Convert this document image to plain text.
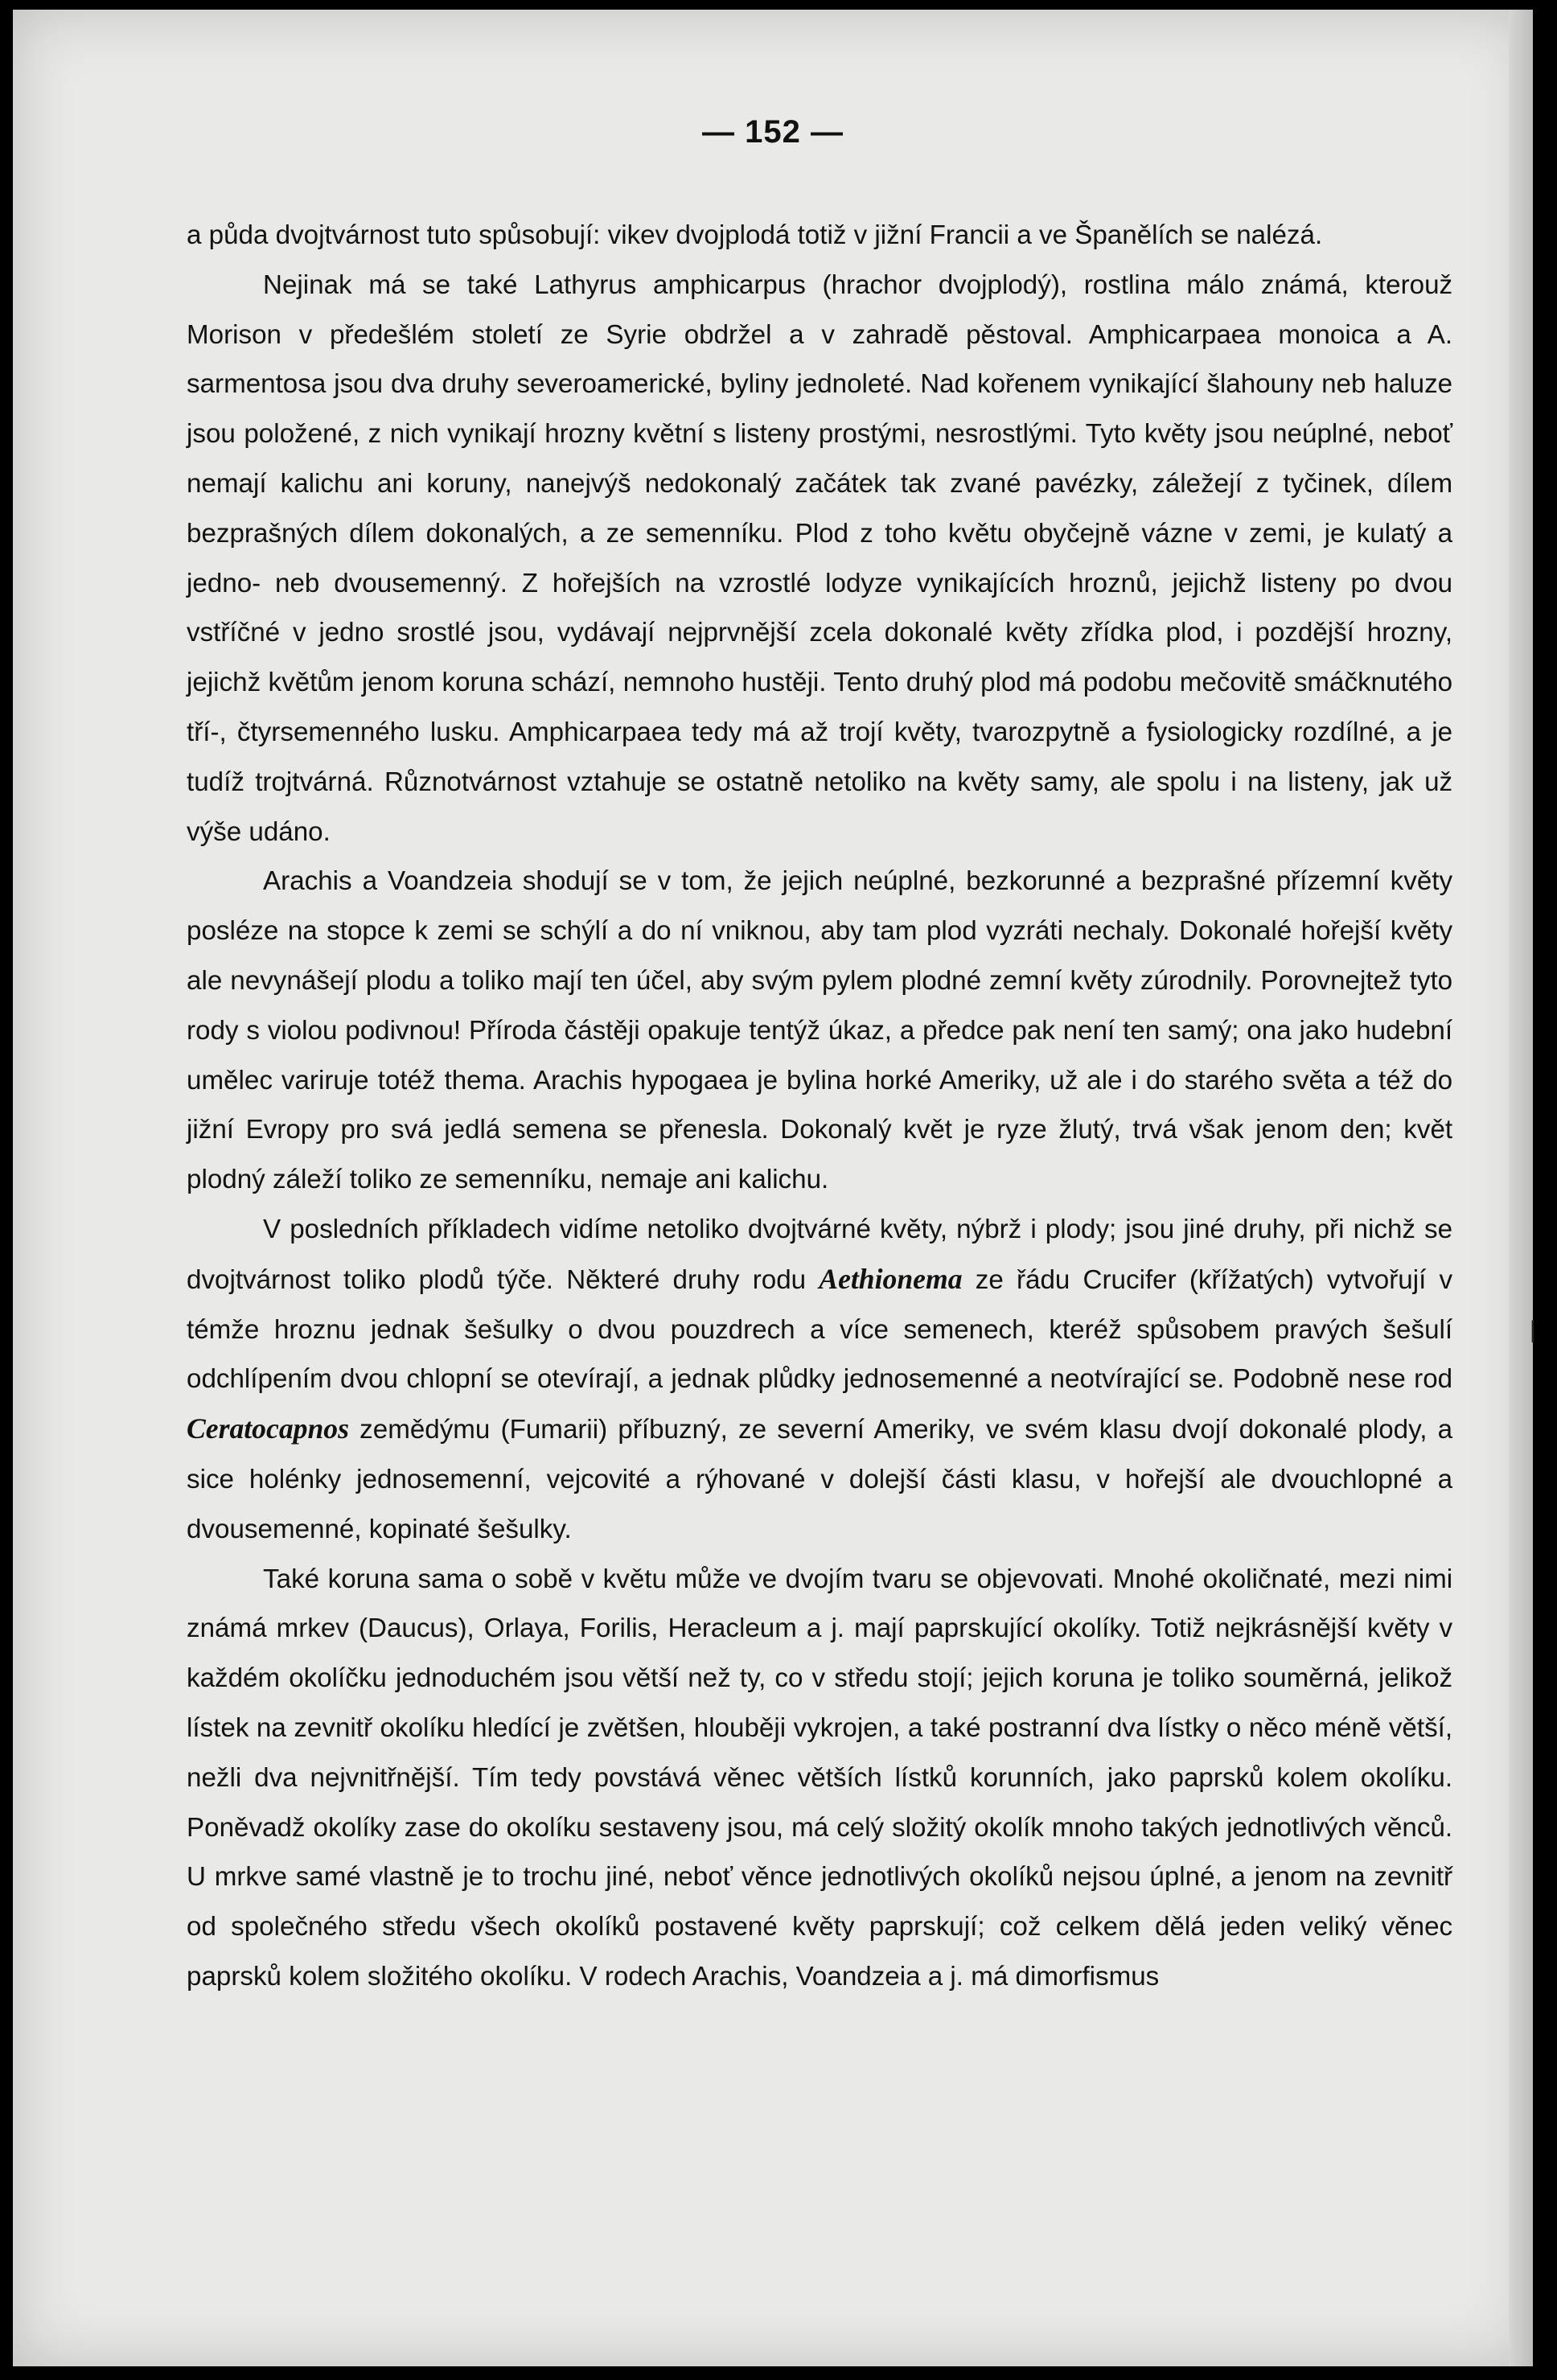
— 152 —

a půda dvojtvárnost tuto spůsobují: vikev dvojplodá totiž v jižní Francii a ve Španělích se nalézá.

Nejinak má se také Lathyrus amphicarpus (hrachor dvojplodý), rostlina málo známá, kterouž Morison v předešlém století ze Syrie obdržel a v zahradě pěstoval. Amphicarpaea monoica a A. sarmentosa jsou dva druhy severoamerické, byliny jednoleté. Nad kořenem vynikající šlahouny neb haluze jsou položené, z nich vynikají hrozny květní s listeny prostými, nesrostlými. Tyto květy jsou neúplné, neboť nemají kalichu ani koruny, nanejvýš nedokonalý začátek tak zvané pavézky, záležejí z tyčinek, dílem bezprašných dílem dokonalých, a ze semenníku. Plod z toho květu obyčejně vázne v zemi, je kulatý a jedno- neb dvousemenný. Z hořejších na vzrostlé lodyze vynikajících hroznů, jejichž listeny po dvou vstříčné v jedno srostlé jsou, vydávají nejprvnější zcela dokonalé květy zřídka plod, i pozdější hrozny, jejichž květům jenom koruna schází, nemnoho hustěji. Tento druhý plod má podobu mečovitě smáčknutého tří-, čtyrsemenného lusku. Amphicarpaea tedy má až trojí květy, tvarozpytně a fysiologicky rozdílné, a je tudíž trojtvárná. Různotvárnost vztahuje se ostatně netoliko na květy samy, ale spolu i na listeny, jak už výše udáno.

Arachis a Voandzeia shodují se v tom, že jejich neúplné, bezkorunné a bezprašné přízemní květy posléze na stopce k zemi se schýlí a do ní vniknou, aby tam plod vyzráti nechaly. Dokonalé hořejší květy ale nevynášejí plodu a toliko mají ten účel, aby svým pylem plodné zemní květy zúrodnily. Porovnejtež tyto rody s violou podivnou! Příroda částěji opakuje tentýž úkaz, a předce pak není ten samý; ona jako hudební umělec variruje totéž thema. Arachis hypogaea je bylina horké Ameriky, už ale i do starého světa a též do jižní Evropy pro svá jedlá semena se přenesla. Dokonalý květ je ryze žlutý, trvá však jenom den; květ plodný záleží toliko ze semenníku, nemaje ani kalichu.

V posledních příkladech vidíme netoliko dvojtvárné květy, nýbrž i plody; jsou jiné druhy, při nichž se dvojtvárnost toliko plodů týče. Některé druhy rodu Aethionema ze řádu Crucifer (křížatých) vytvořují v témže hroznu jednak šešulky o dvou pouzdrech a více semenech, kteréž spůsobem pravých šešulí odchlípením dvou chlopní se otevírají, a jednak plůdky jednosemenné a neotvírající se. Podobně nese rod Ceratocapnos zemědýmu (Fumarii) příbuzný, ze severní Ameriky, ve svém klasu dvojí dokonalé plody, a sice holénky jednosemenní, vejcovité a rýhované v dolejší části klasu, v hořejší ale dvouchlopné a dvousemenné, kopinaté šešulky.

Také koruna sama o sobě v květu může ve dvojím tvaru se objevovati. Mnohé okoličnaté, mezi nimi známá mrkev (Daucus), Orlaya, Forilis, Heracleum a j. mají paprskující okolíky. Totiž nejkrásnější květy v každém okolíčku jednoduchém jsou větší než ty, co v středu stojí; jejich koruna je toliko souměrná, jelikož lístek na zevnitř okolíku hledící je zvětšen, hlouběji vykrojen, a také postranní dva lístky o něco méně větší, nežli dva nejvnitřnější. Tím tedy povstává věnec větších lístků korunních, jako paprsků kolem okolíku. Poněvadž okolíky zase do okolíku sestaveny jsou, má celý složitý okolík mnoho takých jednotlivých věnců. U mrkve samé vlastně je to trochu jiné, neboť věnce jednotlivých okolíků nejsou úplné, a jenom na zevnitř od společného středu všech okolíků postavené květy paprskují; což celkem dělá jeden veliký věnec paprsků kolem složitého okolíku. V rodech Arachis, Voandzeia a j. má dimorfismus

|
